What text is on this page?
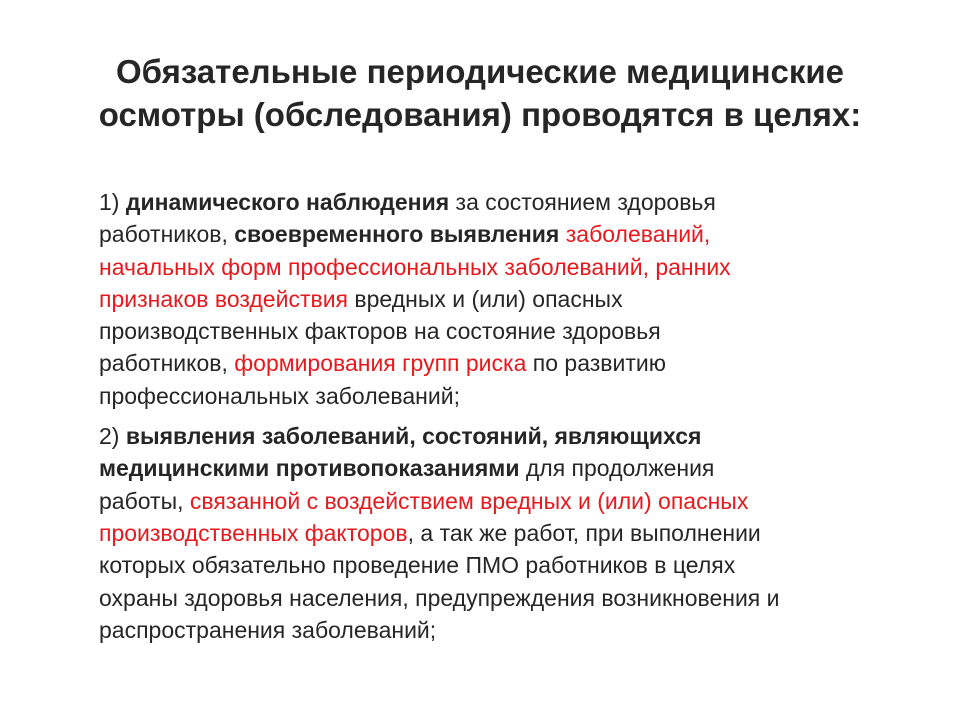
Обязательные периодические медицинские
осмотры (обследования) проводятся в целях:

1) динамического наблюдения за состоянием здоровья
работников, своевременного выявления заболеваний,
начальных форм профессиональных заболеваний, ранних
признаков воздействия вредных и (или) опасных
производственных факторов на состояние здоровья
работников, формирования групп риска по развитию
профессиональных заболеваний;

2) выявления заболеваний, состояний, являющихся
медицинскими противопоказаниями для продолжения
работы, связанной с воздействием вредных и (или) опасных
производственных факторов, а так же работ, при выполнении
которых обязательно проведение ПМО работников в целях
охраны здоровья населения, предупреждения возникновения и
распространения заболеваний;
